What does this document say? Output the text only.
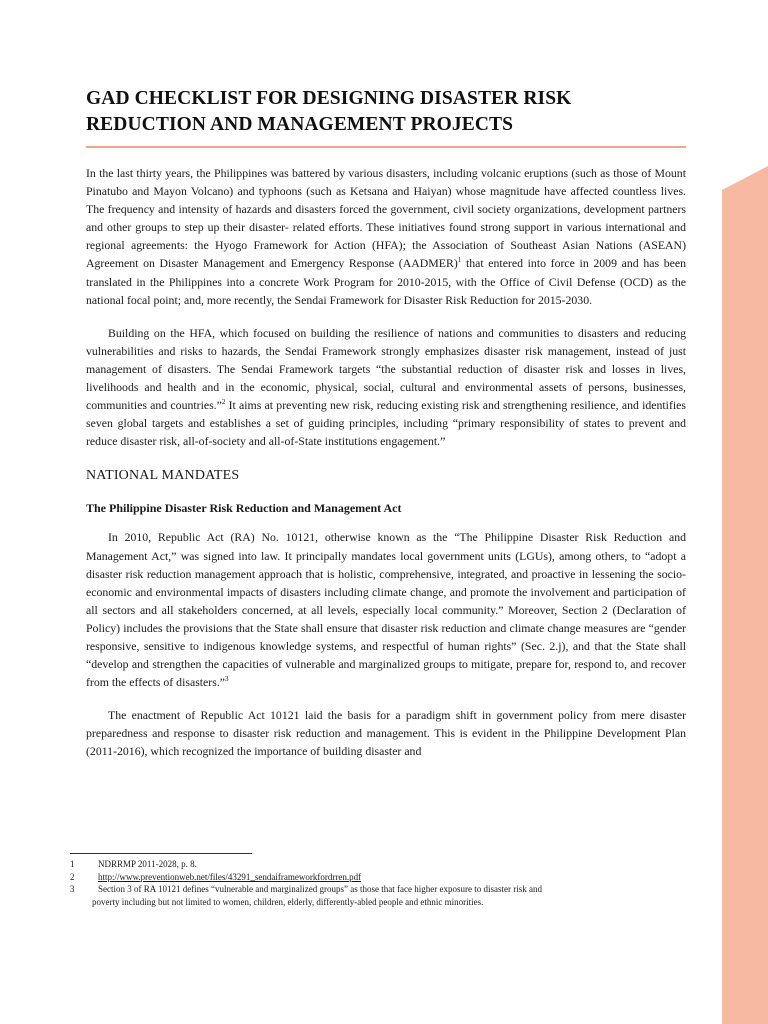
GAD CHECKLIST FOR DESIGNING DISASTER RISK
REDUCTION AND MANAGEMENT PROJECTS

In the last thirty years, the Philippines was battered by various disasters, including volcanic eruptions (such as those of Mount Pinatubo and Mayon Volcano) and typhoons (such as Ketsana and Haiyan) whose magnitude have affected countless lives. The frequency and intensity of hazards and disasters forced the government, civil society organizations, development partners and other groups to step up their disaster- related efforts. These initiatives found strong support in various international and regional agreements: the Hyogo Framework for Action (HFA); the Association of Southeast Asian Nations (ASEAN) Agreement on Disaster Management and Emergency Response (AADMER)$^1$ that entered into force in 2009 and has been translated in the Philippines into a concrete Work Program for 2010-2015, with the Office of Civil Defense (OCD) as the national focal point; and, more recently, the Sendai Framework for Disaster Risk Reduction for 2015-2030.

Building on the HFA, which focused on building the resilience of nations and communities to disasters and reducing vulnerabilities and risks to hazards, the Sendai Framework strongly emphasizes disaster risk management, instead of just management of disasters. The Sendai Framework targets “the substantial reduction of disaster risk and losses in lives, livelihoods and health and in the economic, physical, social, cultural and environmental assets of persons, businesses, communities and countries.”$^2$ It aims at preventing new risk, reducing existing risk and strengthening resilience, and identifies seven global targets and establishes a set of guiding principles, including “primary responsibility of states to prevent and reduce disaster risk, all-of-society and all-of-State institutions engagement.”

NATIONAL MANDATES
The Philippine Disaster Risk Reduction and Management Act

In 2010, Republic Act (RA) No. 10121, otherwise known as the “The Philippine Disaster Risk Reduction and Management Act,” was signed into law. It principally mandates local government units (LGUs), among others, to “adopt a disaster risk reduction management approach that is holistic, comprehensive, integrated, and proactive in lessening the socio-economic and environmental impacts of disasters including climate change, and promote the involvement and participation of all sectors and all stakeholders concerned, at all levels, especially local community.” Moreover, Section 2 (Declaration of Policy) includes the provisions that the State shall ensure that disaster risk reduction and climate change measures are “gender responsive, sensitive to indigenous knowledge systems, and respectful of human rights” (Sec. 2.j), and that the State shall “develop and strengthen the capacities of vulnerable and marginalized groups to mitigate, prepare for, respond to, and recover from the effects of disasters.”$^3$

The enactment of Republic Act 10121 laid the basis for a paradigm shift in government policy from mere disaster preparedness and response to disaster risk reduction and management. This is evident in the Philippine Development Plan (2011-2016), which recognized the importance of building disaster and

1	NDRRMP 2011-2028, p. 8.
2	http://www.preventionweb.net/files/43291_sendaiframeworkfordrren.pdf
3	Section 3 of RA 10121 defines “vulnerable and marginalized groups” as those that face higher exposure to disaster risk and
poverty including but not limited to women, children, elderly, differently-abled people and ethnic minorities.
